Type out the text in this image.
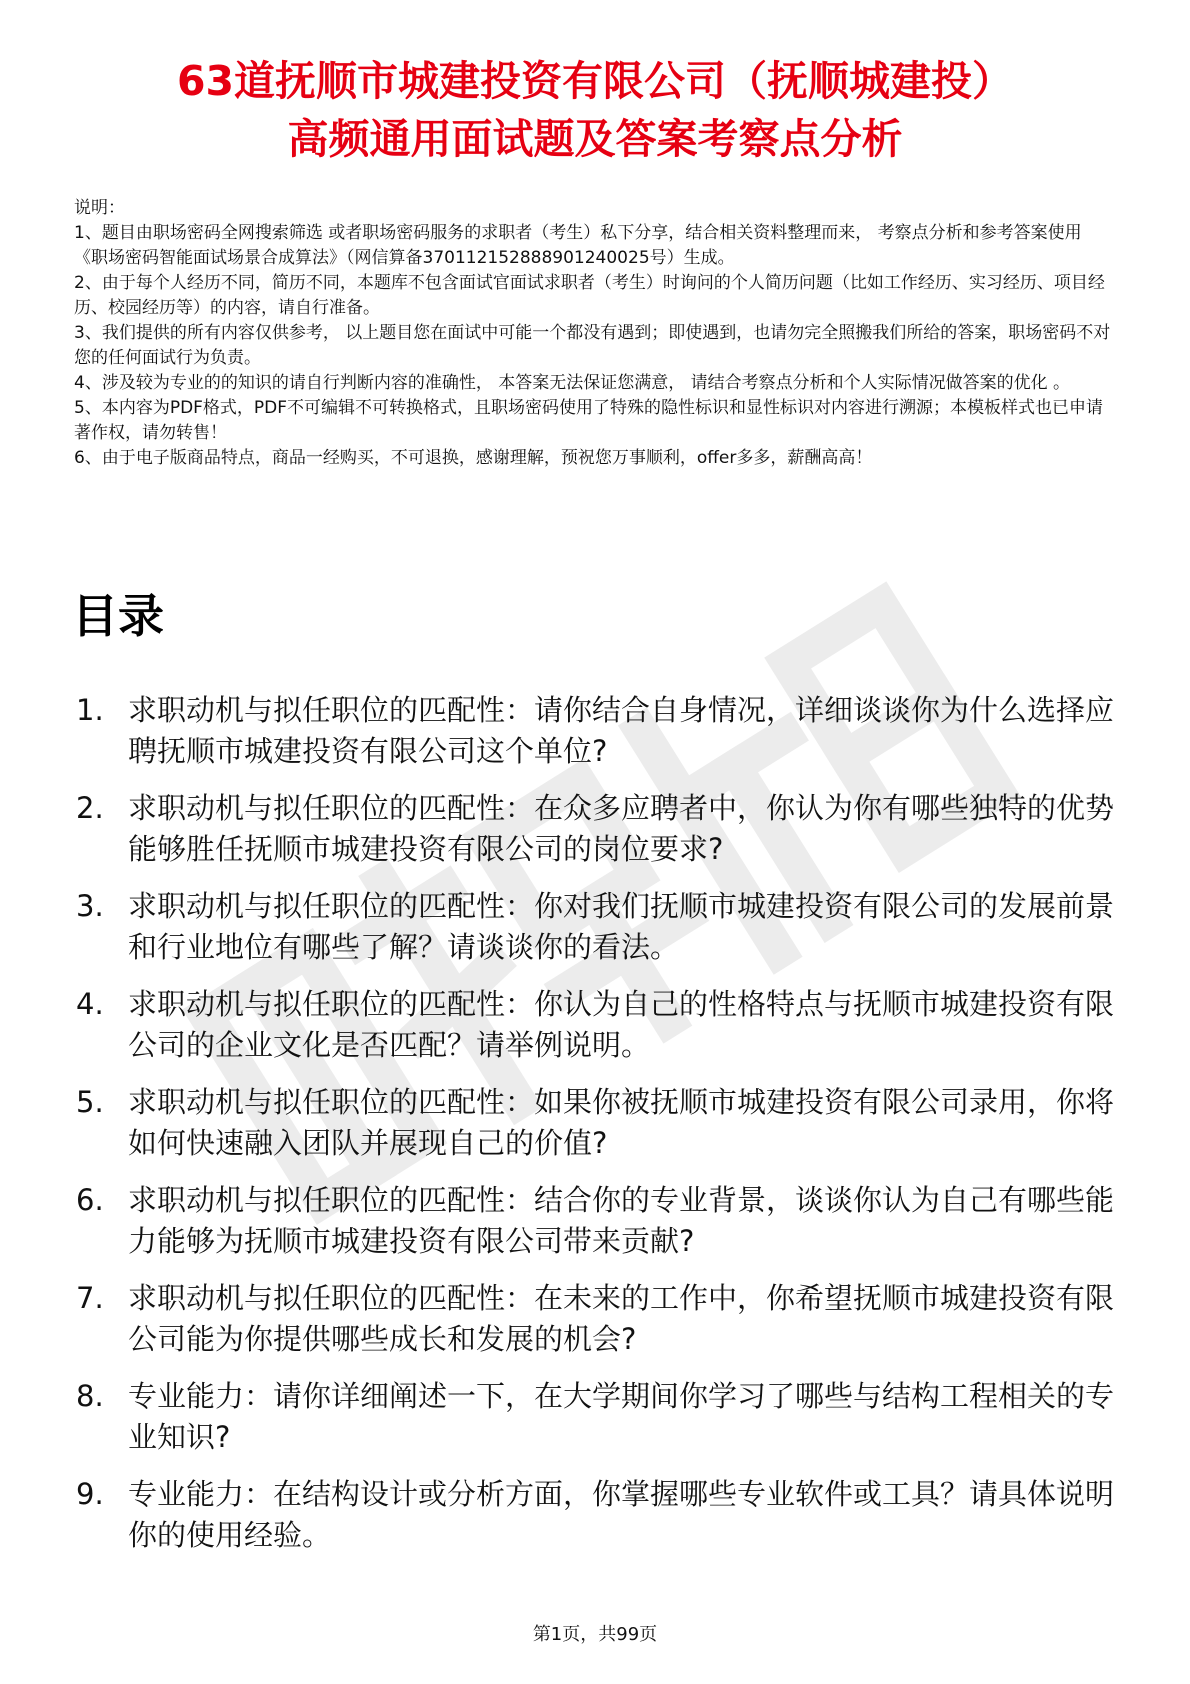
63道抚顺市城建投资有限公司（抚顺城建投）
高频通用面试题及答案考察点分析
说明：
1、题目由职场密码全网搜索筛选 或者职场密码服务的求职者（考生）私下分享，结合相关资料整理而来， 考察点分析和参考答案使用《职场密码智能面试场景合成算法》（网信算备370112152888901240025号）生成。
2、由于每个人经历不同，简历不同，本题库不包含面试官面试求职者（考生）时询问的个人简历问题（比如工作经历、实习经历、项目经历、校园经历等）的内容，请自行准备。
3、我们提供的所有内容仅供参考， 以上题目您在面试中可能一个都没有遇到；即使遇到，也请勿完全照搬我们所给的答案，职场密码不对您的任何面试行为负责。
4、涉及较为专业的的知识的请自行判断内容的准确性， 本答案无法保证您满意， 请结合考察点分析和个人实际情况做答案的优化 。
5、本内容为PDF格式，PDF不可编辑不可转换格式，且职场密码使用了特殊的隐性标识和显性标识对内容进行溯源；本模板样式也已申请著作权，请勿转售！
6、由于电子版商品特点，商品一经购买，不可退换，感谢理解，预祝您万事顺利，offer多多，薪酬高高！
目录
1. 求职动机与拟任职位的匹配性：请你结合自身情况，详细谈谈你为什么选择应聘抚顺市城建投资有限公司这个单位?
2. 求职动机与拟任职位的匹配性：在众多应聘者中，你认为你有哪些独特的优势能够胜任抚顺市城建投资有限公司的岗位要求?
3. 求职动机与拟任职位的匹配性：你对我们抚顺市城建投资有限公司的发展前景和行业地位有哪些了解？请谈谈你的看法。
4. 求职动机与拟任职位的匹配性：你认为自己的性格特点与抚顺市城建投资有限公司的企业文化是否匹配？请举例说明。
5. 求职动机与拟任职位的匹配性：如果你被抚顺市城建投资有限公司录用，你将如何快速融入团队并展现自己的价值?
6. 求职动机与拟任职位的匹配性：结合你的专业背景，谈谈你认为自己有哪些能力能够为抚顺市城建投资有限公司带来贡献?
7. 求职动机与拟任职位的匹配性：在未来的工作中，你希望抚顺市城建投资有限公司能为你提供哪些成长和发展的机会?
8. 专业能力：请你详细阐述一下，在大学期间你学习了哪些与结构工程相关的专业知识?
9. 专业能力：在结构设计或分析方面，你掌握哪些专业软件或工具？请具体说明你的使用经验。
第1页，共99页
